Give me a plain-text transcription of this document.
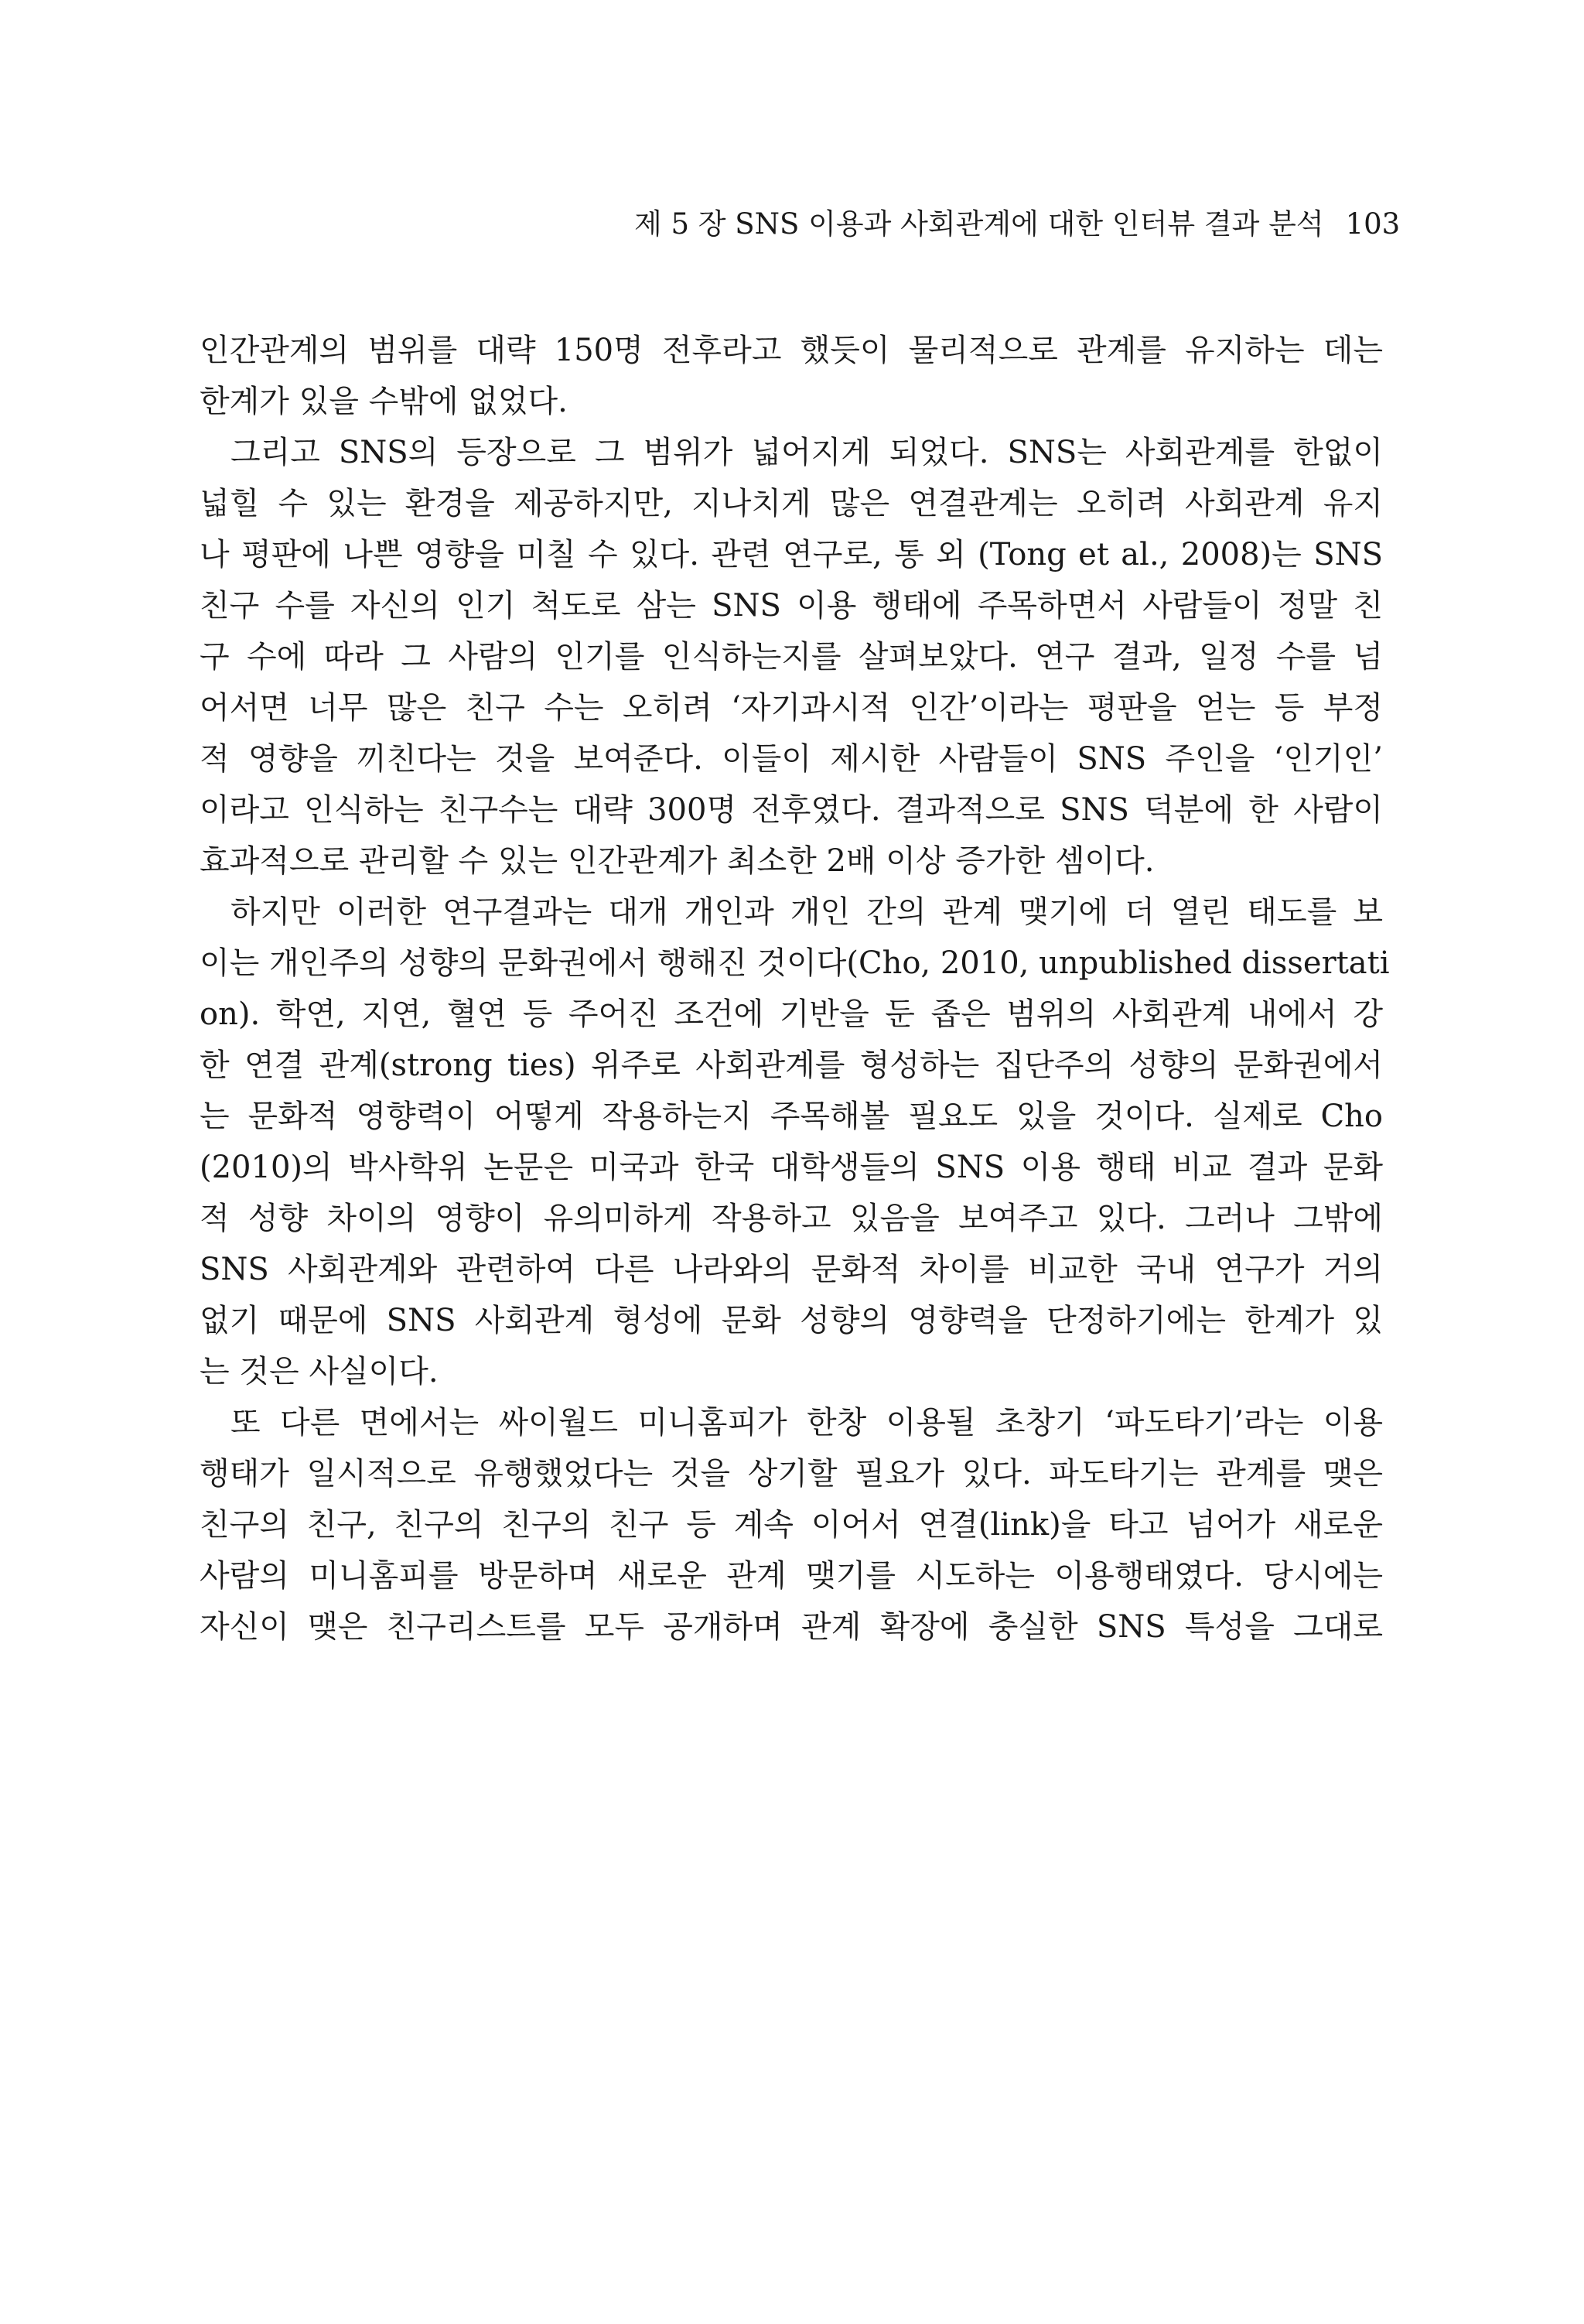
제 5 장 SNS 이용과 사회관계에 대한 인터뷰 결과 분석 103
인간관계의 범위를 대략 150명 전후라고 했듯이 물리적으로 관계를 유지하는 데는
한계가 있을 수밖에 없었다.
그리고 SNS의 등장으로 그 범위가 넓어지게 되었다. SNS는 사회관계를 한없이
넓힐 수 있는 환경을 제공하지만, 지나치게 많은 연결관계는 오히려 사회관계 유지
나 평판에 나쁜 영향을 미칠 수 있다. 관련 연구로, 통 외 (Tong et al., 2008)는 SNS
친구 수를 자신의 인기 척도로 삼는 SNS 이용 행태에 주목하면서 사람들이 정말 친
구 수에 따라 그 사람의 인기를 인식하는지를 살펴보았다. 연구 결과, 일정 수를 넘
어서면 너무 많은 친구 수는 오히려 ‘자기과시적 인간’이라는 평판을 얻는 등 부정
적 영향을 끼친다는 것을 보여준다. 이들이 제시한 사람들이 SNS 주인을 ‘인기인’
이라고 인식하는 친구수는 대략 300명 전후였다. 결과적으로 SNS 덕분에 한 사람이
효과적으로 관리할 수 있는 인간관계가 최소한 2배 이상 증가한 셈이다.
하지만 이러한 연구결과는 대개 개인과 개인 간의 관계 맺기에 더 열린 태도를 보
이는 개인주의 성향의 문화권에서 행해진 것이다(Cho, 2010, unpublished dissertati
on). 학연, 지연, 혈연 등 주어진 조건에 기반을 둔 좁은 범위의 사회관계 내에서 강
한 연결 관계(strong ties) 위주로 사회관계를 형성하는 집단주의 성향의 문화권에서
는 문화적 영향력이 어떻게 작용하는지 주목해볼 필요도 있을 것이다. 실제로 Cho
(2010)의 박사학위 논문은 미국과 한국 대학생들의 SNS 이용 행태 비교 결과 문화
적 성향 차이의 영향이 유의미하게 작용하고 있음을 보여주고 있다. 그러나 그밖에
SNS 사회관계와 관련하여 다른 나라와의 문화적 차이를 비교한 국내 연구가 거의
없기 때문에 SNS 사회관계 형성에 문화 성향의 영향력을 단정하기에는 한계가 있
는 것은 사실이다.
또 다른 면에서는 싸이월드 미니홈피가 한창 이용될 초창기 ‘파도타기’라는 이용
행태가 일시적으로 유행했었다는 것을 상기할 필요가 있다. 파도타기는 관계를 맺은
친구의 친구, 친구의 친구의 친구 등 계속 이어서 연결(link)을 타고 넘어가 새로운
사람의 미니홈피를 방문하며 새로운 관계 맺기를 시도하는 이용행태였다. 당시에는
자신이 맺은 친구리스트를 모두 공개하며 관계 확장에 충실한 SNS 특성을 그대로
